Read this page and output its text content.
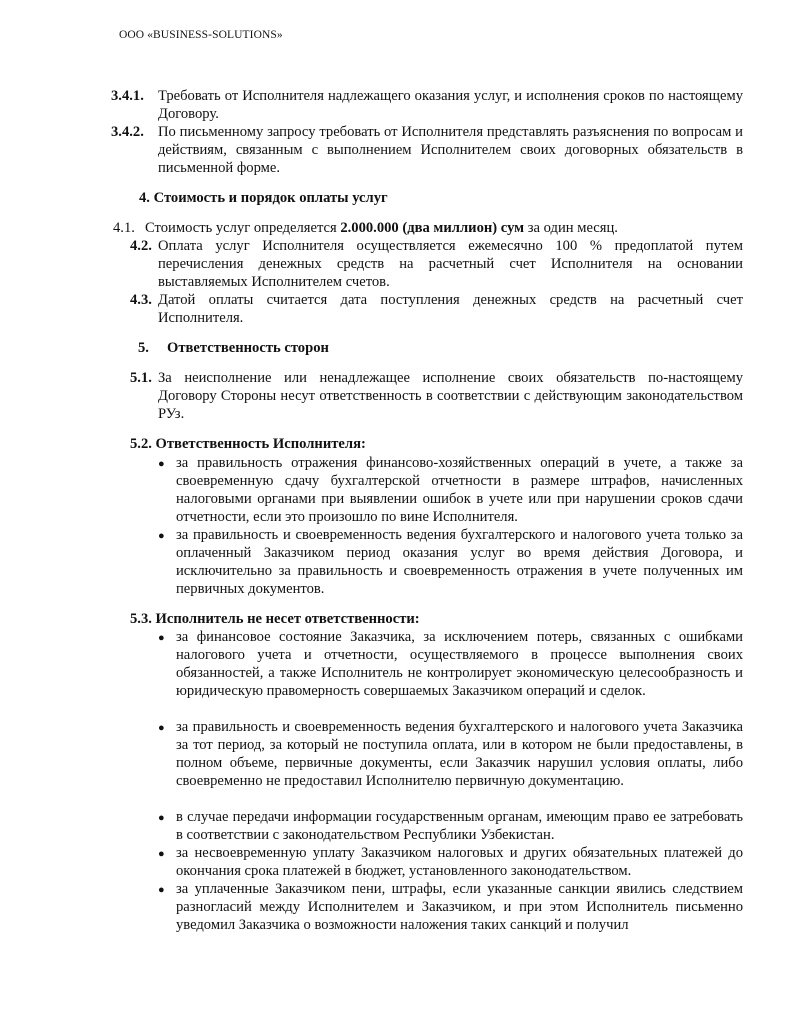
ООО «BUSINESS-SOLUTIONS»
3.4.1. Требовать от Исполнителя надлежащего оказания услуг, и исполнения сроков по настоящему Договору.
3.4.2. По письменному запросу требовать от Исполнителя представлять разъяснения по вопросам и действиям, связанным с выполнением Исполнителем своих договорных обязательств в письменной форме.
4. Стоимость и порядок оплаты услуг
4.1. Стоимость услуг определяется 2.000.000 (два миллион) сум за один месяц.
4.2. Оплата услуг Исполнителя осуществляется ежемесячно 100 % предоплатой путем перечисления денежных средств на расчетный счет Исполнителя на основании выставляемых Исполнителем счетов.
4.3. Датой оплаты считается дата поступления денежных средств на расчетный счет Исполнителя.
5. Ответственность сторон
5.1. За неисполнение или ненадлежащее исполнение своих обязательств по-настоящему Договору Стороны несут ответственность в соответствии с действующим законодательством РУз.
5.2. Ответственность Исполнителя:
● за правильность отражения финансово-хозяйственных операций в учете, а также за своевременную сдачу бухгалтерской отчетности в размере штрафов, начисленных налоговыми органами при выявлении ошибок в учете или при нарушении сроков сдачи отчетности, если это произошло по вине Исполнителя.
● за правильность и своевременность ведения бухгалтерского и налогового учета только за оплаченный Заказчиком период оказания услуг во время действия Договора, и исключительно за правильность и своевременность отражения в учете полученных им первичных документов.
5.3. Исполнитель не несет ответственности:
● за финансовое состояние Заказчика, за исключением потерь, связанных с ошибками налогового учета и отчетности, осуществляемого в процессе выполнения своих обязанностей, а также Исполнитель не контролирует экономическую целесообразность и юридическую правомерность совершаемых Заказчиком операций и сделок.
● за правильность и своевременность ведения бухгалтерского и налогового учета Заказчика за тот период, за который не поступила оплата, или в котором не были предоставлены, в полном объеме, первичные документы, если Заказчик нарушил условия оплаты, либо своевременно не предоставил Исполнителю первичную документацию.
● в случае передачи информации государственным органам, имеющим право ее затребовать в соответствии с законодательством Республики Узбекистан.
● за несвоевременную уплату Заказчиком налоговых и других обязательных платежей до окончания срока платежей в бюджет, установленного законодательством.
● за уплаченные Заказчиком пени, штрафы, если указанные санкции явились следствием разногласий между Исполнителем и Заказчиком, и при этом Исполнитель письменно уведомил Заказчика о возможности наложения таких санкций и получил
